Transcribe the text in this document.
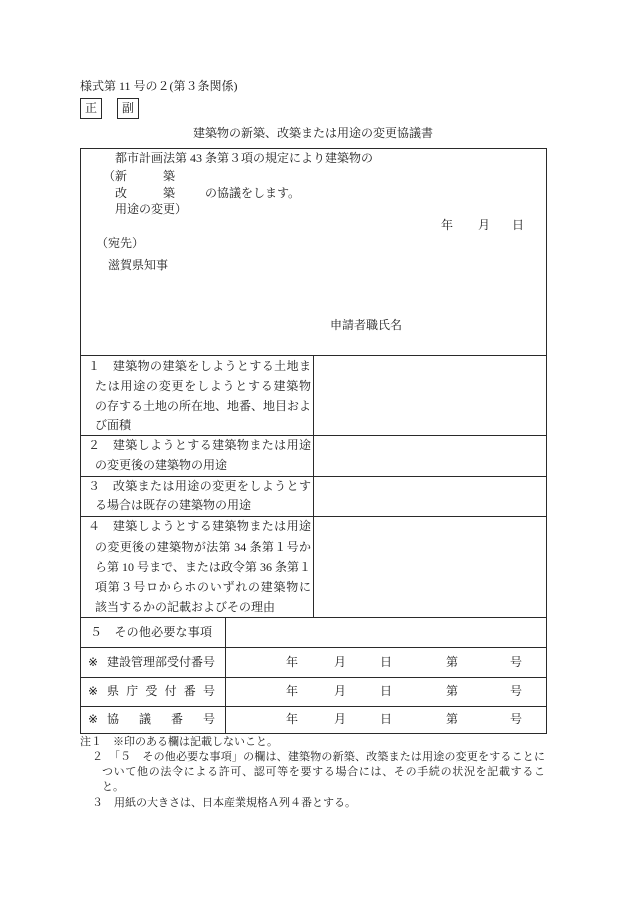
様式第 11 号の２(第３条関係)
正	副
建築物の新築、改築または用途の変更協議書
都市計画法第 43 条第３項の規定により建築物の
（新　　　築
改　　　築 の協議をします。
用途の変更）
年 月 日
（宛先）
滋賀県知事
申請者職氏名
１　建築物の建築をしようとする土地ま
たは用途の変更をしようとする建築物
の存する土地の所在地、地番、地目およ
び面積
２　建築しようとする建築物または用途
の変更後の建築物の用途
３　改築または用途の変更をしようとす
る場合は既存の建築物の用途
４　建築しようとする建築物または用途
の変更後の建築物が法第 34 条第１号か
ら第 10 号まで、または政令第 36 条第１
項第３号ロからホのいずれの建築物に
該当するかの記載およびその理由
５　その他必要な事項
※ 建設管理部受付番号	年	月	日	第	号
※ 県庁受付番号	年	月	日	第	号
※ 協議番号	年	月	日	第	号
注１　※印のある欄は記載しないこと。
２　「５　その他必要な事項」の欄は、建築物の新築、改築または用途の変更をすることに
ついて他の法令による許可、認可等を要する場合には、その手続の状況を記載するこ
と。
３　用紙の大きさは、日本産業規格Ａ列４番とする。
